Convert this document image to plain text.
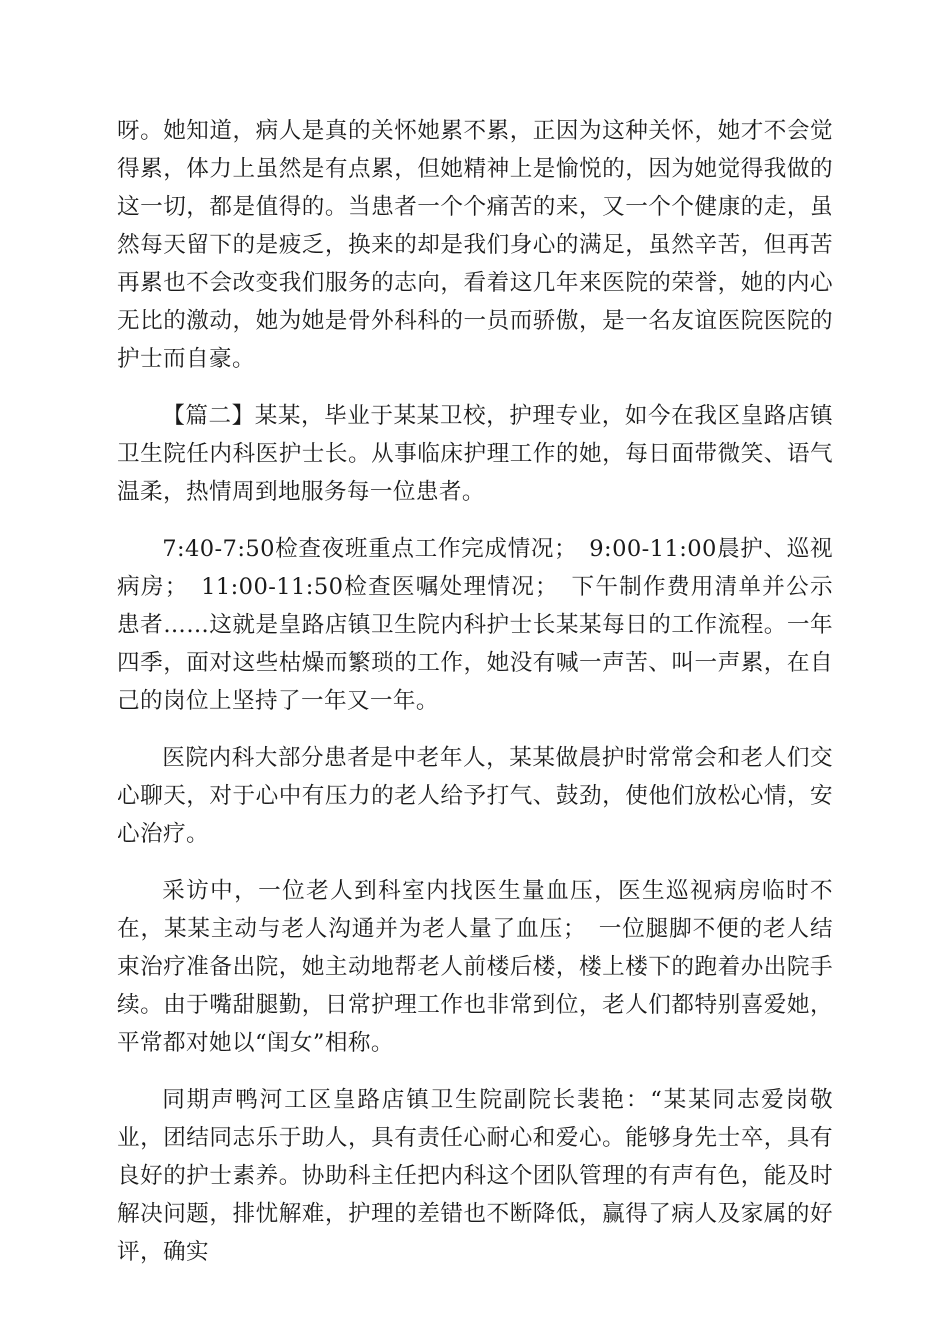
呀。她知道，病人是真的关怀她累不累，正因为这种关怀，她才不会觉得累，体力上虽然是有点累，但她精神上是愉悦的，因为她觉得我做的这一切，都是值得的。当患者一个个痛苦的来，又一个个健康的走，虽然每天留下的是疲乏，换来的却是我们身心的满足，虽然辛苦，但再苦再累也不会改变我们服务的志向，看着这几年来医院的荣誉，她的内心无比的激动，她为她是骨外科科的一员而骄傲，是一名友谊医院医院的护士而自豪。

【篇二】某某，毕业于某某卫校，护理专业，如今在我区皇路店镇卫生院任内科医护士长。从事临床护理工作的她，每日面带微笑、语气温柔，热情周到地服务每一位患者。

7:40-7:50检查夜班重点工作完成情况；　9:00-11:00晨护、巡视病房；　11:00-11:50检查医嘱处理情况；　下午制作费用清单并公示患者……这就是皇路店镇卫生院内科护士长某某每日的工作流程。一年四季，面对这些枯燥而繁琐的工作，她没有喊一声苦、叫一声累，在自己的岗位上坚持了一年又一年。

医院内科大部分患者是中老年人，某某做晨护时常常会和老人们交心聊天，对于心中有压力的老人给予打气、鼓劲，使他们放松心情，安心治疗。

采访中，一位老人到科室内找医生量血压，医生巡视病房临时不在，某某主动与老人沟通并为老人量了血压；　一位腿脚不便的老人结束治疗准备出院，她主动地帮老人前楼后楼，楼上楼下的跑着办出院手续。由于嘴甜腿勤，日常护理工作也非常到位，老人们都特别喜爱她，平常都对她以“闺女”相称。

同期声鸭河工区皇路店镇卫生院副院长裴艳：“某某同志爱岗敬业，团结同志乐于助人，具有责任心耐心和爱心。能够身先士卒，具有良好的护士素养。协助科主任把内科这个团队管理的有声有色，能及时解决问题，排忧解难，护理的差错也不断降低，赢得了病人及家属的好评，确实
